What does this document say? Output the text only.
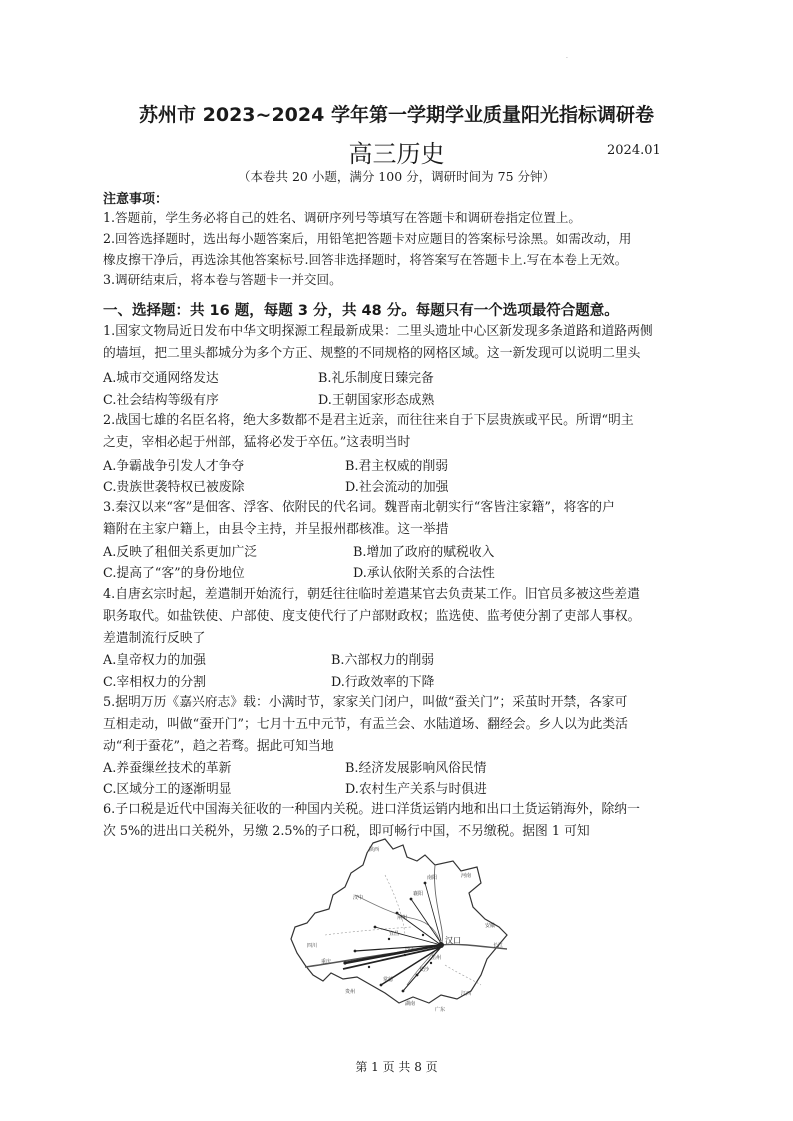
·
苏州市 2023~2024 学年第一学期学业质量阳光指标调研卷
高三历史	2024.01
（本卷共 20 小题，满分 100 分，调研时间为 75 分钟）
注意事项：
1.答题前，学生务必将自己的姓名、调研序列号等填写在答题卡和调研卷指定位置上。
2.回答选择题时，选出每小题答案后，用铅笔把答题卡对应题目的答案标号涂黑。如需改动，用
橡皮擦干净后，再选涂其他答案标号.回答非选择题时，将答案写在答题卡上.写在本卷上无效。
3.调研结束后，将本卷与答题卡一并交回。
一、选择题：共 16 题，每题 3 分，共 48 分。每题只有一个选项最符合题意。

1.国家文物局近日发布中华文明探源工程最新成果：二里头遗址中心区新发现多条道路和道路两侧

的墙垣，把二里头都城分为多个方正、规整的不同规格的网格区域。这一新发现可以说明二里头

A.城市交通网络发达	B.礼乐制度日臻完备
C.社会结构等级有序	D.王朝国家形态成熟

2.战国七雄的名臣名将，绝大多数都不是君主近亲，而往往来自于下层贵族或平民。所谓“明主

之吏，宰相必起于州部，猛将必发于卒伍。”这表明当时

A.争霸战争引发人才争夺	B.君主权威的削弱
C.贵族世袭特权已被废除	D.社会流动的加强

3.秦汉以来“客”是佃客、浮客、依附民的代名词。魏晋南北朝实行“客皆注家籍”，将客的户

籍附在主家户籍上，由县令主持，并呈报州郡核准。这一举措

A.反映了租佃关系更加广泛	B.增加了政府的赋税收入
C.提高了“客”的身份地位	D.承认依附关系的合法性

4.自唐玄宗时起，差遣制开始流行，朝廷往往临时差遣某官去负责某工作。旧官员多被这些差遣

职务取代。如盐铁使、户部使、度支使代行了户部财政权；监选使、监考使分割了吏部人事权。

差遣制流行反映了

A.皇帝权力的加强	B.六部权力的削弱
C.宰相权力的分割	D.行政效率的下降

5.据明万历《嘉兴府志》载：小满时节，家家关门闭户，叫做“蚕关门”；采茧时开禁，各家可

互相走动，叫做“蚕开门”；七月十五中元节，有盂兰会、水陆道场、翻经会。乡人以为此类活

动“利于蚕花”，趋之若骛。据此可知当地

A.养蚕缫丝技术的革新	B.经济发展影响风俗民情
C.区域分工的逐渐明显	D.农村生产关系与时俱进

6.子口税是近代中国海关征收的一种国内关税。进口洋货运销内地和出口土货运销海外，除纳一

次 5%的进出口关税外，另缴 2.5%的子口税，即可畅行中国，不另缴税。据图 1 可知

陕西
河南
安徽
江西
湖南
四川	长江
汉口
宜昌
沙市
常德
长沙
岳州
襄阳
南阳
荆州
汉中
重庆
贵州
广东
第 1 页 共 8 页
